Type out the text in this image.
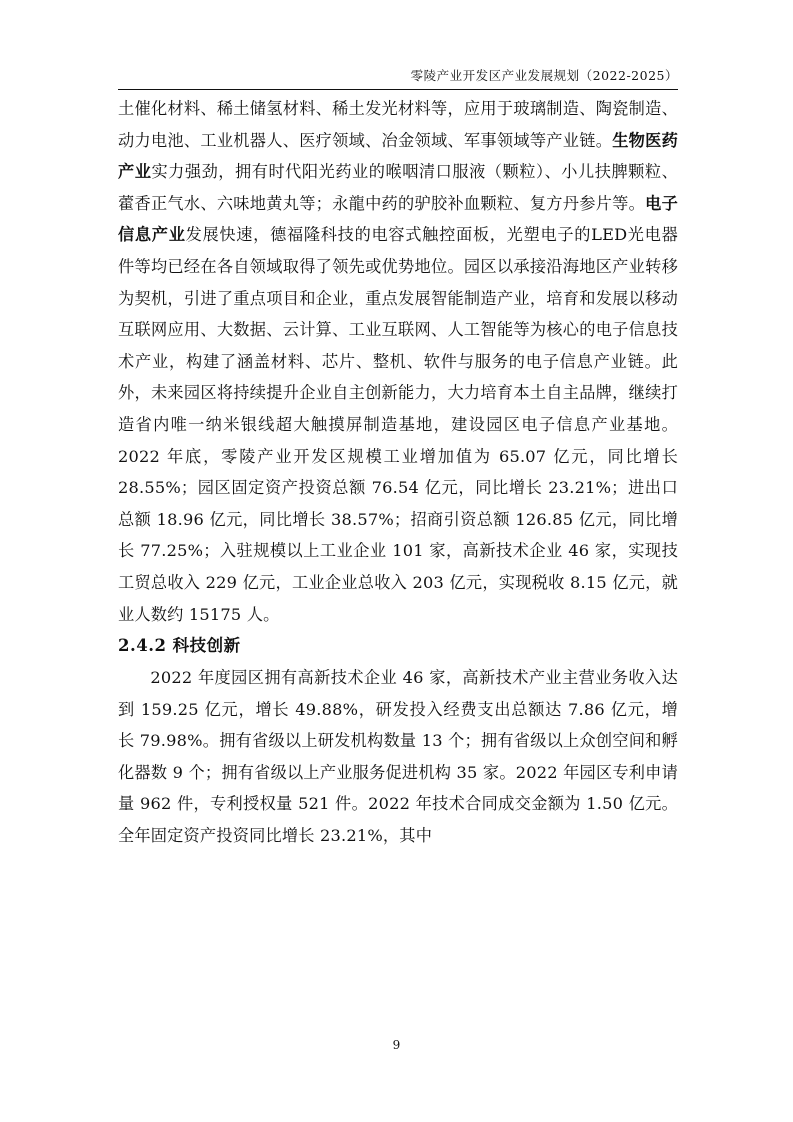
零陵产业开发区产业发展规划（2022-2025）

土催化材料、稀土储氢材料、稀土发光材料等，应用于玻璃制造、陶瓷制造、动力电池、工业机器人、医疗领域、冶金领域、军事领域等产业链。生物医药产业实力强劲，拥有时代阳光药业的喉咽清口服液（颗粒）、小儿扶脾颗粒、藿香正气水、六味地黄丸等；永龍中药的驴胶补血颗粒、复方丹参片等。电子信息产业发展快速，德福隆科技的电容式触控面板，光塑电子的LED光电器件等均已经在各自领域取得了领先或优势地位。园区以承接沿海地区产业转移为契机，引进了重点项目和企业，重点发展智能制造产业，培育和发展以移动互联网应用、大数据、云计算、工业互联网、人工智能等为核心的电子信息技术产业，构建了涵盖材料、芯片、整机、软件与服务的电子信息产业链。此外，未来园区将持续提升企业自主创新能力，大力培育本土自主品牌，继续打造省内唯一纳米银线超大触摸屏制造基地，建设园区电子信息产业基地。2022 年底，零陵产业开发区规模工业增加值为 65.07 亿元，同比增长 28.55%；园区固定资产投资总额 76.54 亿元，同比增长 23.21%；进出口总额 18.96 亿元，同比增长 38.57%；招商引资总额 126.85 亿元，同比增长 77.25%；入驻规模以上工业企业 101 家，高新技术企业 46 家，实现技工贸总收入 229 亿元，工业企业总收入 203 亿元，实现税收 8.15 亿元，就业人数约 15175 人。

2.4.2 科技创新

2022 年度园区拥有高新技术企业 46 家，高新技术产业主营业务收入达到 159.25 亿元，增长 49.88%，研发投入经费支出总额达 7.86 亿元，增长 79.98%。拥有省级以上研发机构数量 13 个；拥有省级以上众创空间和孵化器数 9 个；拥有省级以上产业服务促进机构 35 家。2022 年园区专利申请量 962 件，专利授权量 521 件。2022 年技术合同成交金额为 1.50 亿元。全年固定资产投资同比增长 23.21%，其中

9
